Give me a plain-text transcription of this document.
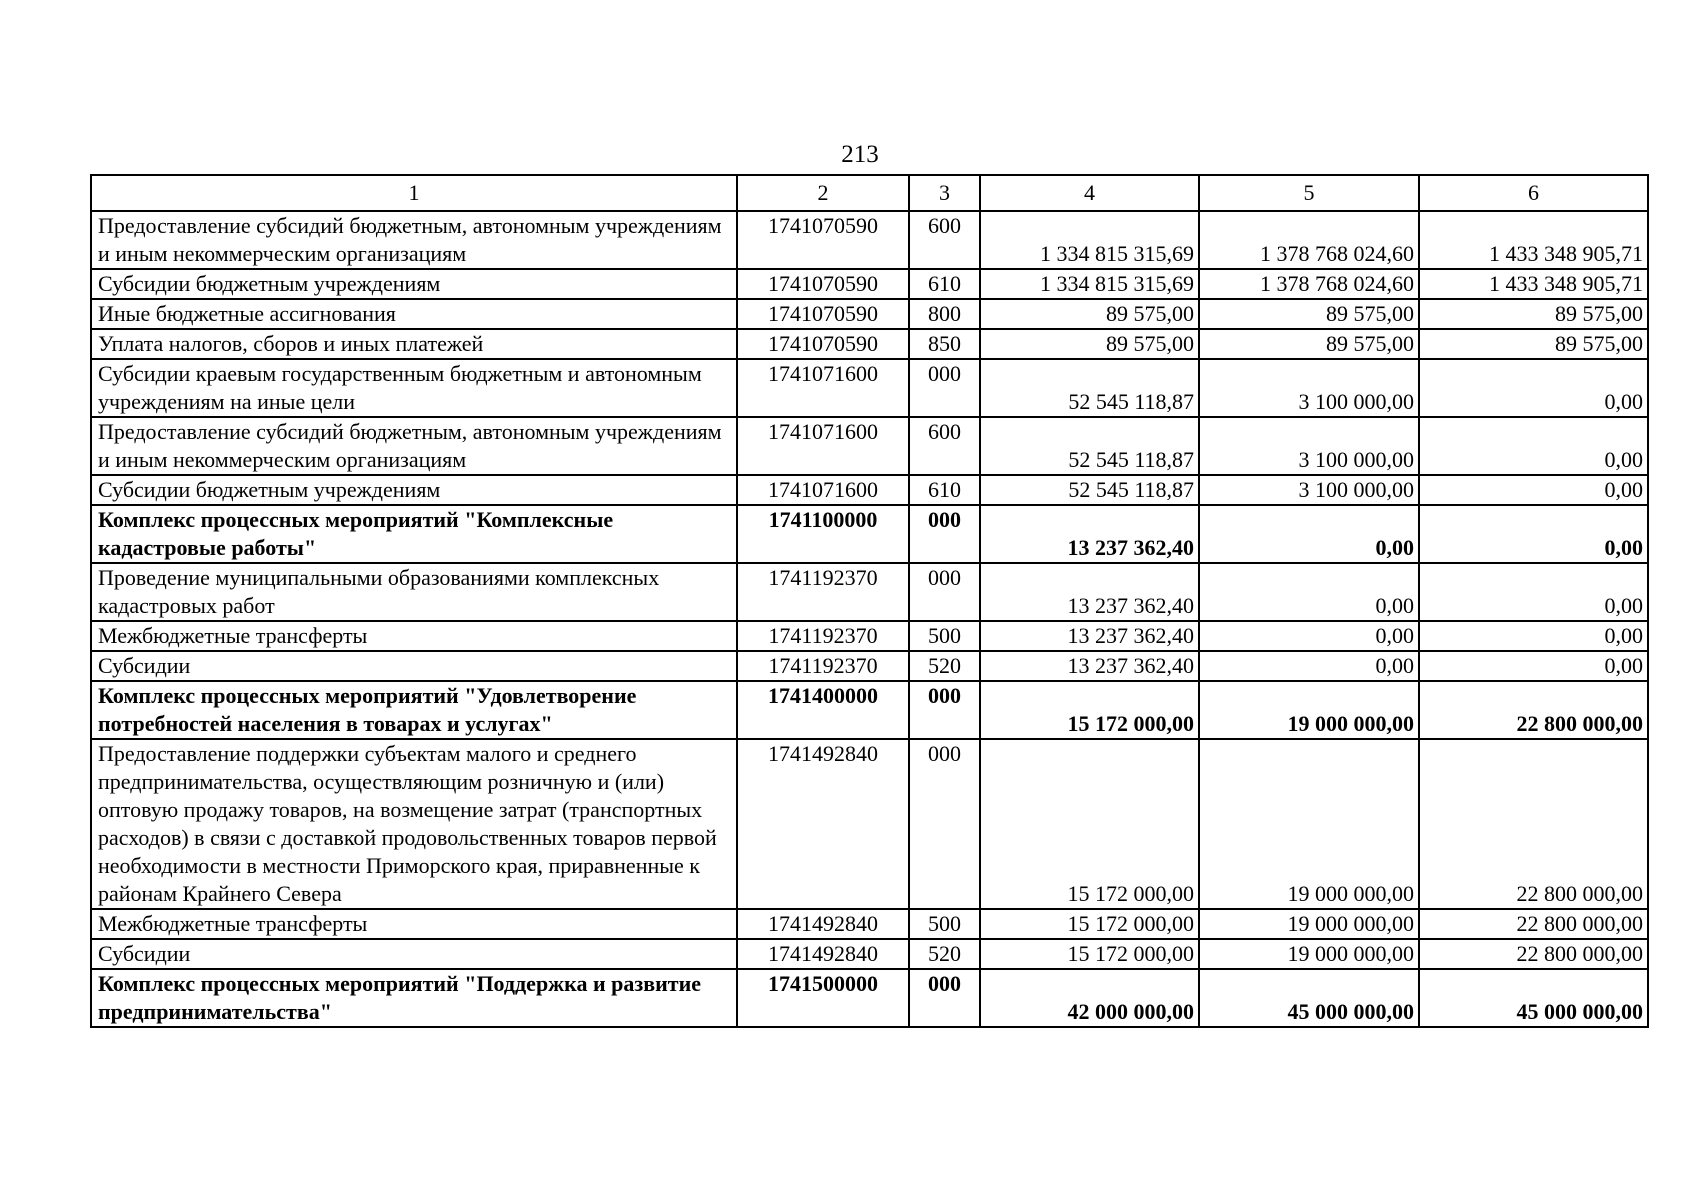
213
1	2	3	4	5	6
Предоставление субсидий бюджетным, автономным учреждениям и иным некоммерческим организациям	1741070590	600	1 334 815 315,69	1 378 768 024,60	1 433 348 905,71
Субсидии бюджетным учреждениям	1741070590	610	1 334 815 315,69	1 378 768 024,60	1 433 348 905,71
Иные бюджетные ассигнования	1741070590	800	89 575,00	89 575,00	89 575,00
Уплата налогов, сборов и иных платежей	1741070590	850	89 575,00	89 575,00	89 575,00
Субсидии краевым государственным бюджетным и автономным учреждениям на иные цели	1741071600	000	52 545 118,87	3 100 000,00	0,00
Предоставление субсидий бюджетным, автономным учреждениям и иным некоммерческим организациям	1741071600	600	52 545 118,87	3 100 000,00	0,00
Субсидии бюджетным учреждениям	1741071600	610	52 545 118,87	3 100 000,00	0,00
Комплекс процессных мероприятий "Комплексные кадастровые работы"	1741100000	000	13 237 362,40	0,00	0,00
Проведение муниципальными образованиями комплексных кадастровых работ	1741192370	000	13 237 362,40	0,00	0,00
Межбюджетные трансферты	1741192370	500	13 237 362,40	0,00	0,00
Субсидии	1741192370	520	13 237 362,40	0,00	0,00
Комплекс процессных мероприятий "Удовлетворение потребностей населения в товарах и услугах"	1741400000	000	15 172 000,00	19 000 000,00	22 800 000,00
Предоставление поддержки субъектам малого и среднего предпринимательства, осуществляющим розничную и (или) оптовую продажу товаров, на возмещение затрат (транспортных расходов) в связи с доставкой продовольственных товаров первой необходимости в местности Приморского края, приравненные к районам Крайнего Севера	1741492840	000	15 172 000,00	19 000 000,00	22 800 000,00
Межбюджетные трансферты	1741492840	500	15 172 000,00	19 000 000,00	22 800 000,00
Субсидии	1741492840	520	15 172 000,00	19 000 000,00	22 800 000,00
Комплекс процессных мероприятий "Поддержка и развитие предпринимательства"	1741500000	000	42 000 000,00	45 000 000,00	45 000 000,00
